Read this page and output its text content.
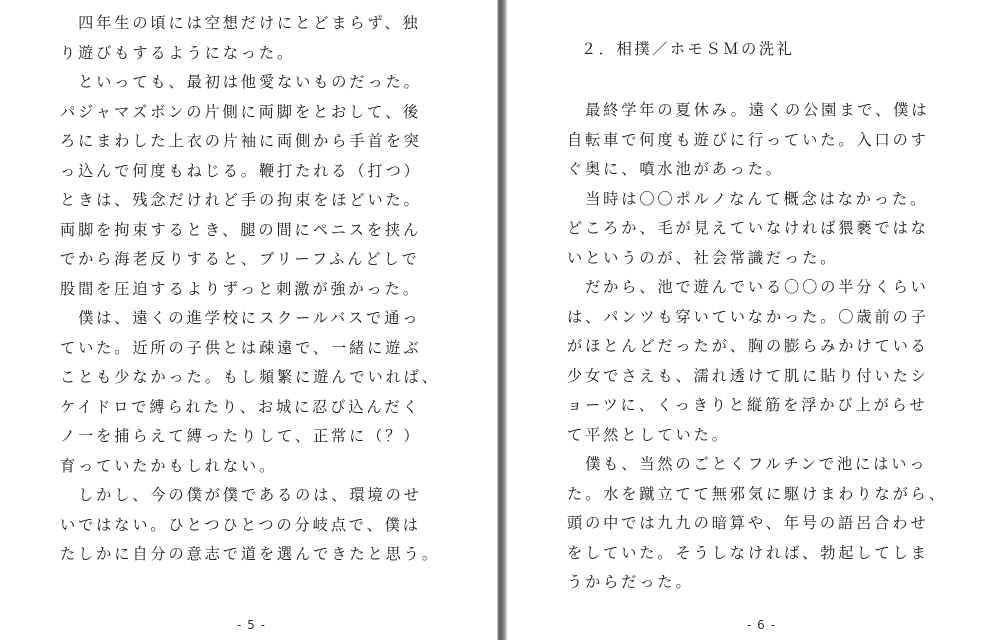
　四年生の頃には空想だけにとどまらず、独
り遊びもするようになった。

　といっても、最初は他愛ないものだった。
パジャマズボンの片側に両脚をとおして、後
ろにまわした上衣の片袖に両側から手首を突
っ込んで何度もねじる。鞭打たれる（打つ）
ときは、残念だけれど手の拘束をほどいた。
両脚を拘束するとき、腿の間にペニスを挟ん
でから海老反りすると、ブリーフふんどしで
股間を圧迫するよりずっと刺激が強かった。

　僕は、遠くの進学校にスクールバスで通っ
ていた。近所の子供とは疎遠で、一緒に遊ぶ
ことも少なかった。もし頻繁に遊んでいれば、
ケイドロで縛られたり、お城に忍び込んだく
ノ一を捕らえて縛ったりして、正常に（？）
育っていたかもしれない。

　しかし、今の僕が僕であるのは、環境のせ
いではない。ひとつひとつの分岐点で、僕は
たしかに自分の意志で道を選んできたと思う。

- 5 -
２．相撲／ホモＳＭの洗礼

　最終学年の夏休み。遠くの公園まで、僕は
自転車で何度も遊びに行っていた。入口のす
ぐ奥に、噴水池があった。

　当時は〇〇ポルノなんて概念はなかった。
どころか、毛が見えていなければ猥褻ではな
いというのが、社会常識だった。

　だから、池で遊んでいる〇〇の半分くらい
は、パンツも穿いていなかった。〇歳前の子
がほとんどだったが、胸の膨らみかけている
少女でさえも、濡れ透けて肌に貼り付いたシ
ョーツに、くっきりと縦筋を浮かび上がらせ
て平然としていた。

　僕も、当然のごとくフルチンで池にはいっ
た。水を蹴立てて無邪気に駆けまわりながら、
頭の中では九九の暗算や、年号の語呂合わせ
をしていた。そうしなければ、勃起してしま
うからだった。

- 6 -
